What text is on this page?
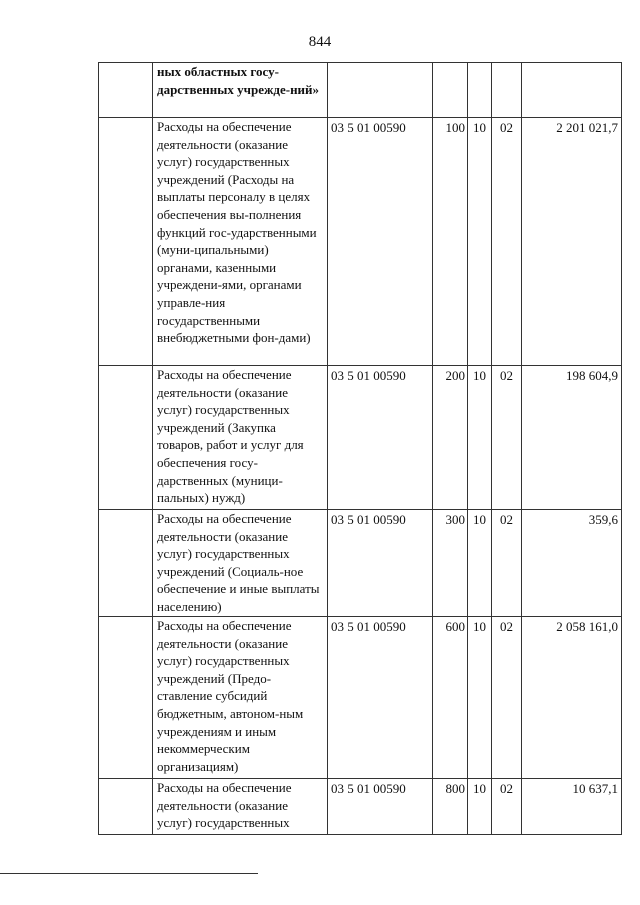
844
	ных областных госу-дарственных учрежде-ний»					
	Расходы на обеспечение деятельности (оказание услуг) государственных учреждений (Расходы на выплаты персоналу в целях обеспечения вы-полнения функций гос-ударственными (муни-ципальными) органами, казенными учреждени-ями, органами управле-ния государственными внебюджетными фон-дами)	03 5 01 00590	100	10	02	2 201 021,7
	Расходы на обеспечение деятельности (оказание услуг) государственных учреждений (Закупка товаров, работ и услуг для обеспечения госу-дарственных (муници-пальных) нужд)	03 5 01 00590	200	10	02	198 604,9
	Расходы на обеспечение деятельности (оказание услуг) государственных учреждений (Социаль-ное обеспечение и иные выплаты населению)	03 5 01 00590	300	10	02	359,6
	Расходы на обеспечение деятельности (оказание услуг) государственных учреждений (Предо-ставление субсидий бюджетным, автоном-ным учреждениям и иным некоммерческим организациям)	03 5 01 00590	600	10	02	2 058 161,0
	Расходы на обеспечение деятельности (оказание услуг) государственных	03 5 01 00590	800	10	02	10 637,1
